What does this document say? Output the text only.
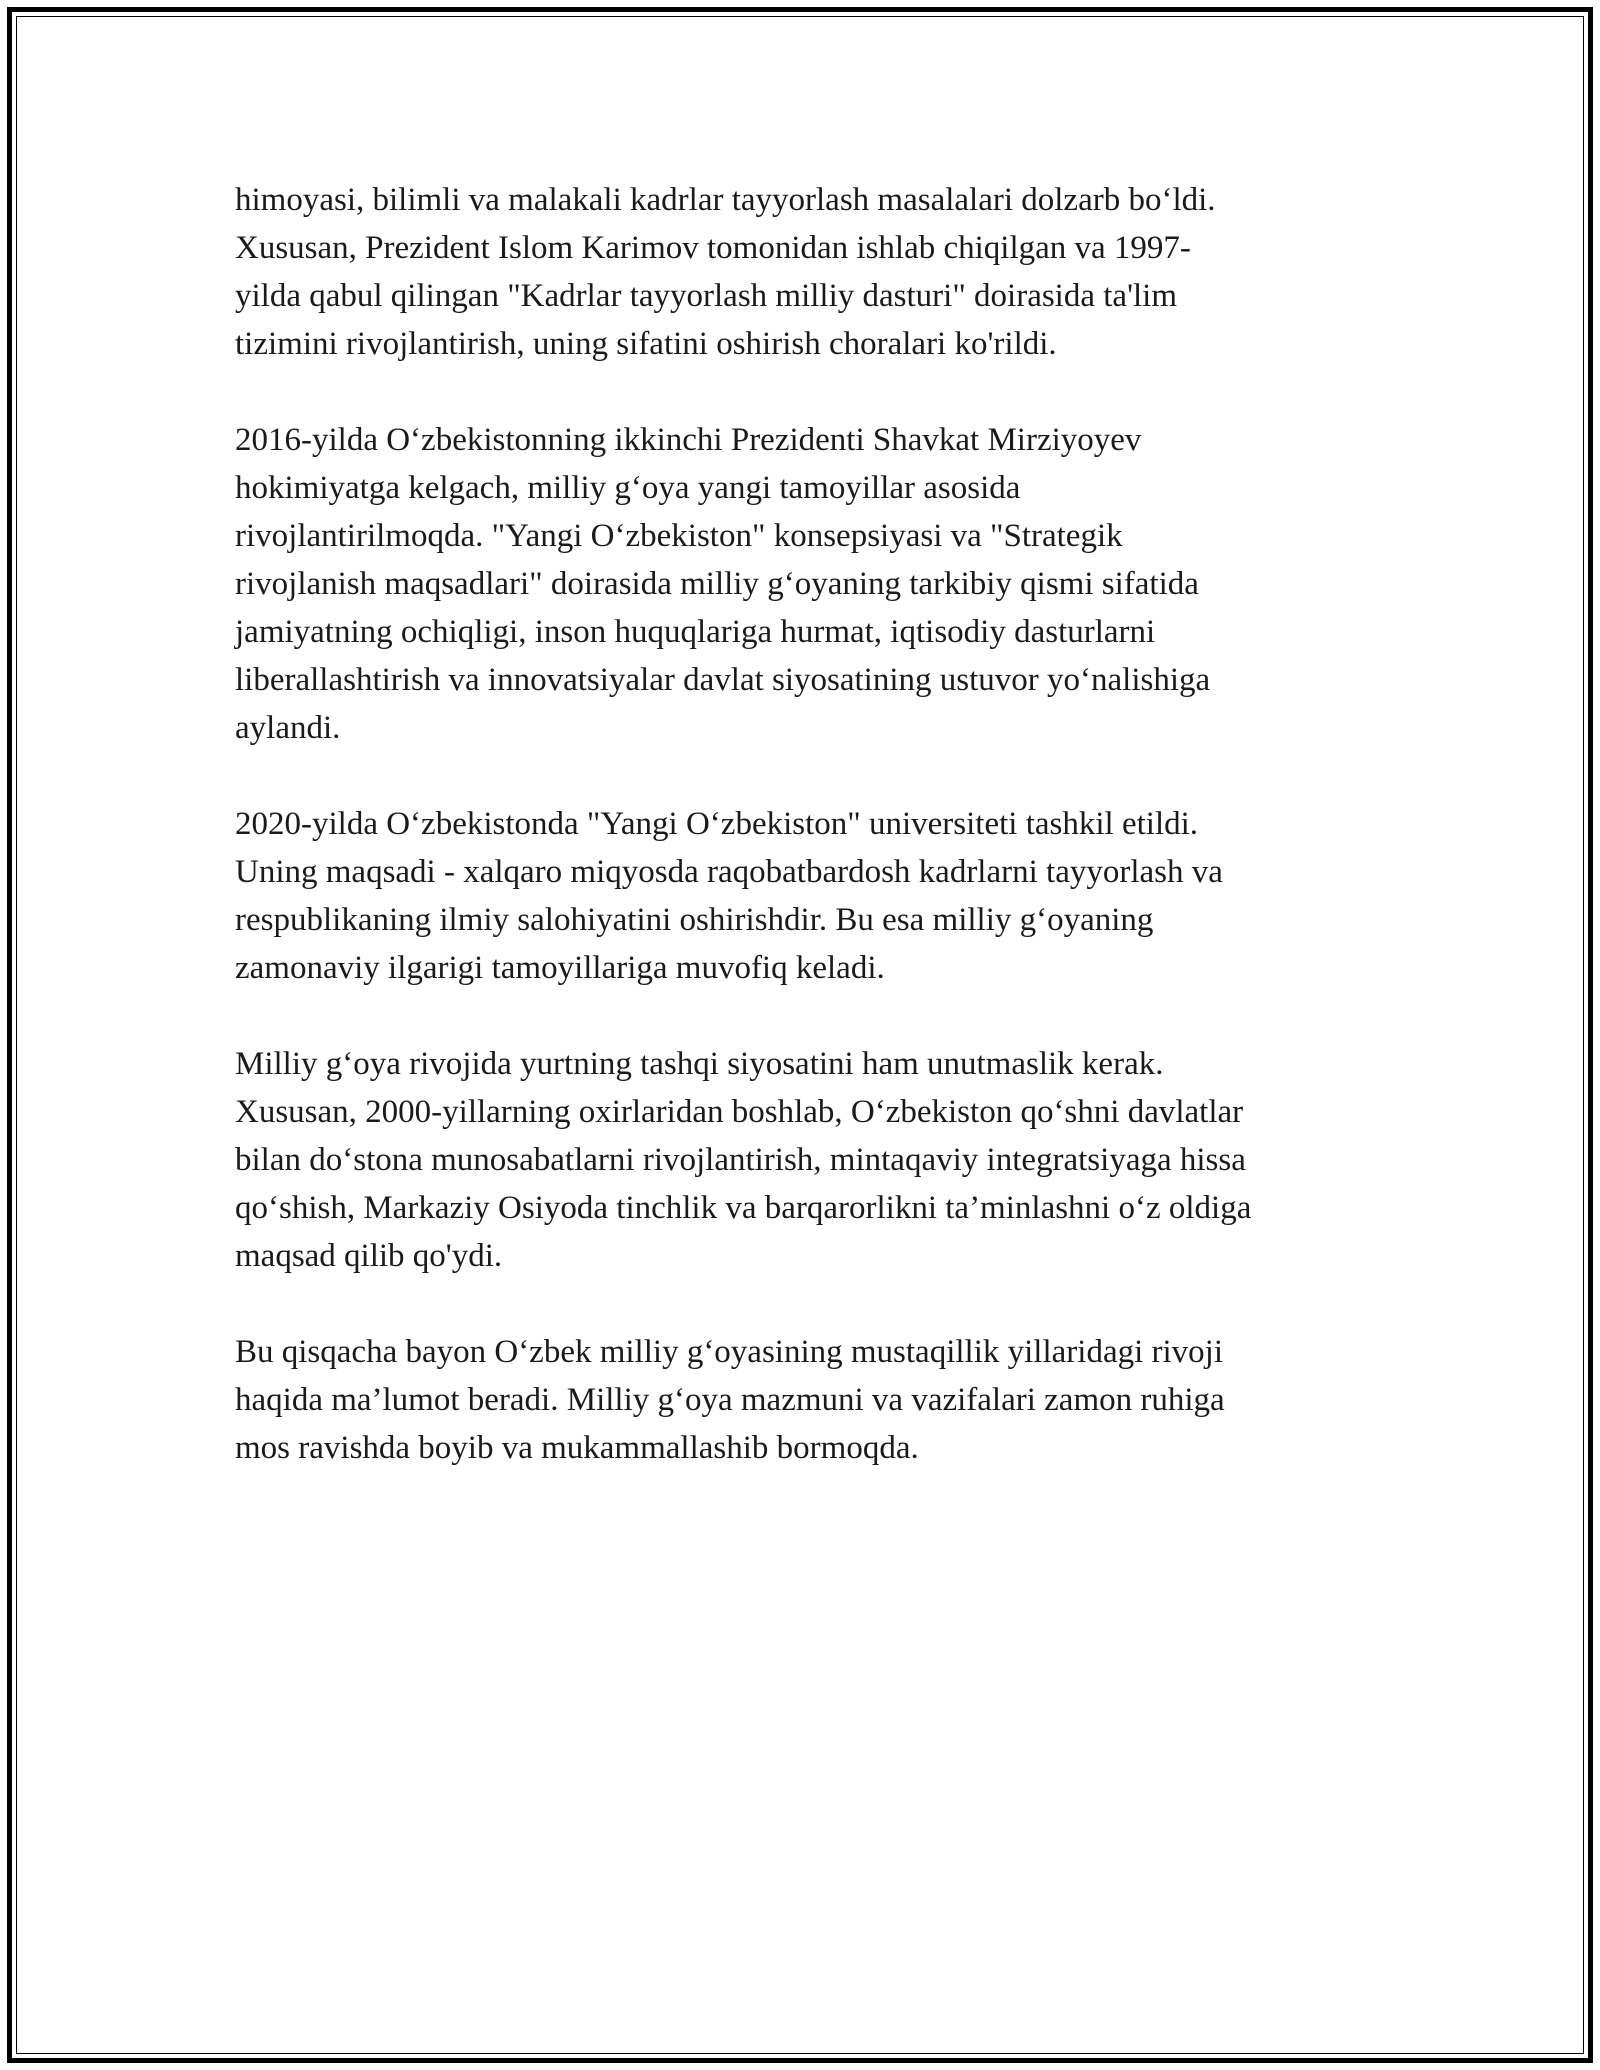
himoyasi, bilimli va malakali kadrlar tayyorlash masalalari dolzarb bo‘ldi.
Xususan, Prezident Islom Karimov tomonidan ishlab chiqilgan va 1997-
yilda qabul qilingan "Kadrlar tayyorlash milliy dasturi" doirasida ta'lim
tizimini rivojlantirish, uning sifatini oshirish choralari ko'rildi.

2016-yilda O‘zbekistonning ikkinchi Prezidenti Shavkat Mirziyoyev
hokimiyatga kelgach, milliy g‘oya yangi tamoyillar asosida
rivojlantirilmoqda. "Yangi O‘zbekiston" konsepsiyasi va "Strategik
rivojlanish maqsadlari" doirasida milliy g‘oyaning tarkibiy qismi sifatida
jamiyatning ochiqligi, inson huquqlariga hurmat, iqtisodiy dasturlarni
liberallashtirish va innovatsiyalar davlat siyosatining ustuvor yo‘nalishiga
aylandi.

2020-yilda O‘zbekistonda "Yangi O‘zbekiston" universiteti tashkil etildi.
Uning maqsadi - xalqaro miqyosda raqobatbardosh kadrlarni tayyorlash va
respublikaning ilmiy salohiyatini oshirishdir. Bu esa milliy g‘oyaning
zamonaviy ilgarigi tamoyillariga muvofiq keladi.

Milliy g‘oya rivojida yurtning tashqi siyosatini ham unutmaslik kerak.
Xususan, 2000-yillarning oxirlaridan boshlab, O‘zbekiston qo‘shni davlatlar
bilan do‘stona munosabatlarni rivojlantirish, mintaqaviy integratsiyaga hissa
qo‘shish, Markaziy Osiyoda tinchlik va barqarorlikni ta’minlashni o‘z oldiga
maqsad qilib qo'ydi.

Bu qisqacha bayon O‘zbek milliy g‘oyasining mustaqillik yillaridagi rivoji
haqida ma’lumot beradi. Milliy g‘oya mazmuni va vazifalari zamon ruhiga
mos ravishda boyib va mukammallashib bormoqda.
